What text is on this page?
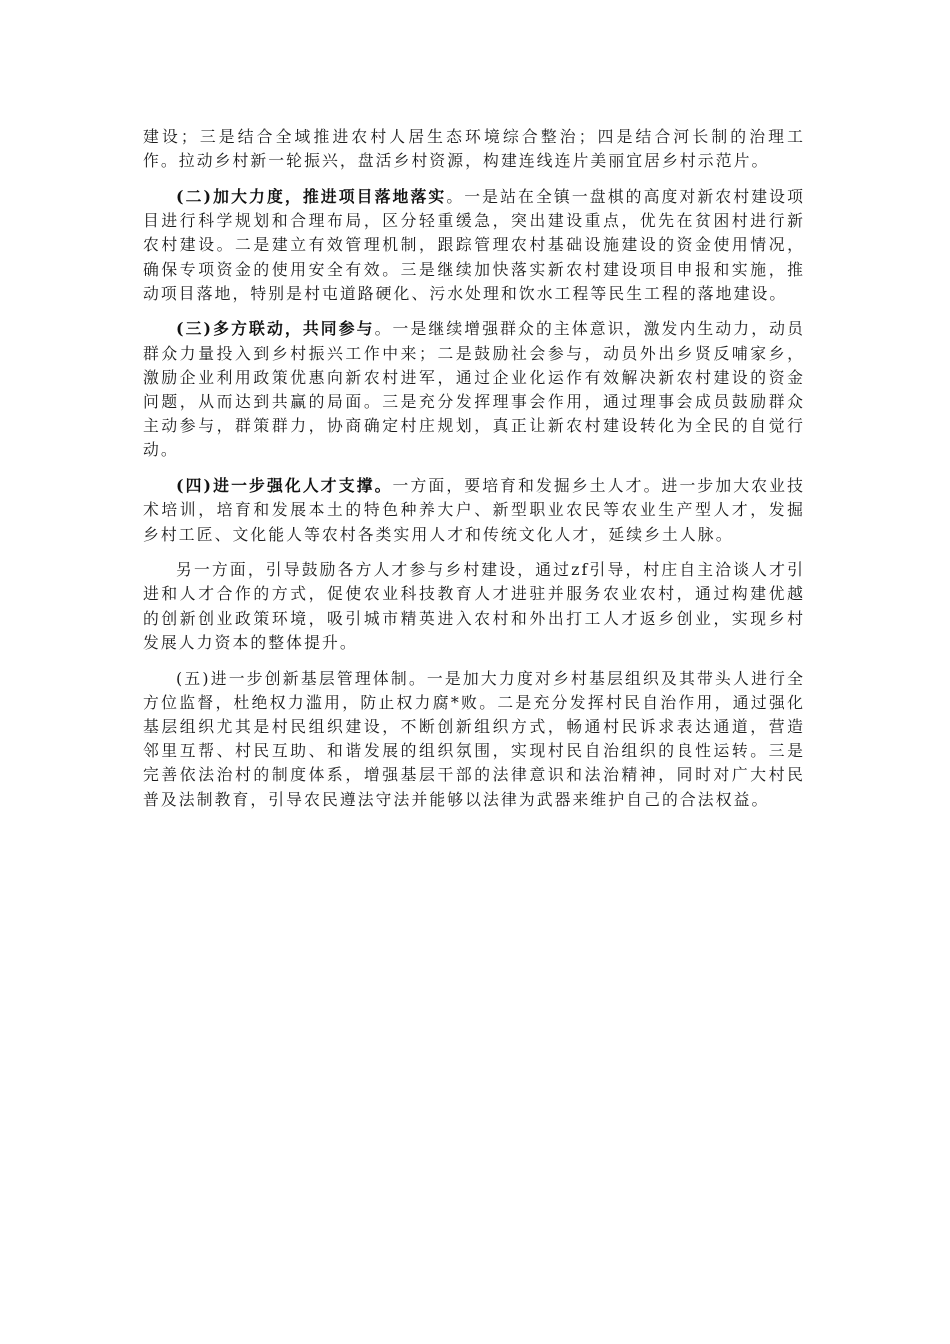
建设；三是结合全域推进农村人居生态环境综合整治；四是结合河长制的治理工作。拉动乡村新一轮振兴，盘活乡村资源，构建连线连片美丽宜居乡村示范片。

(二)加大力度，推进项目落地落实。一是站在全镇一盘棋的高度对新农村建设项目进行科学规划和合理布局，区分轻重缓急，突出建设重点，优先在贫困村进行新农村建设。二是建立有效管理机制，跟踪管理农村基础设施建设的资金使用情况，确保专项资金的使用安全有效。三是继续加快落实新农村建设项目申报和实施，推动项目落地，特别是村屯道路硬化、污水处理和饮水工程等民生工程的落地建设。

(三)多方联动，共同参与。一是继续增强群众的主体意识，激发内生动力，动员群众力量投入到乡村振兴工作中来；二是鼓励社会参与，动员外出乡贤反哺家乡，激励企业利用政策优惠向新农村进军，通过企业化运作有效解决新农村建设的资金问题，从而达到共赢的局面。三是充分发挥理事会作用，通过理事会成员鼓励群众主动参与，群策群力，协商确定村庄规划，真正让新农村建设转化为全民的自觉行动。

(四)进一步强化人才支撑。一方面，要培育和发掘乡土人才。进一步加大农业技术培训，培育和发展本土的特色种养大户、新型职业农民等农业生产型人才，发掘乡村工匠、文化能人等农村各类实用人才和传统文化人才，延续乡土人脉。

另一方面，引导鼓励各方人才参与乡村建设，通过zf引导，村庄自主洽谈人才引进和人才合作的方式，促使农业科技教育人才进驻并服务农业农村，通过构建优越的创新创业政策环境，吸引城市精英进入农村和外出打工人才返乡创业，实现乡村发展人力资本的整体提升。

(五)进一步创新基层管理体制。一是加大力度对乡村基层组织及其带头人进行全方位监督，杜绝权力滥用，防止权力腐*败。二是充分发挥村民自治作用，通过强化基层组织尤其是村民组织建设，不断创新组织方式，畅通村民诉求表达通道，营造邻里互帮、村民互助、和谐发展的组织氛围，实现村民自治组织的良性运转。三是完善依法治村的制度体系，增强基层干部的法律意识和法治精神，同时对广大村民普及法制教育，引导农民遵法守法并能够以法律为武器来维护自己的合法权益。
